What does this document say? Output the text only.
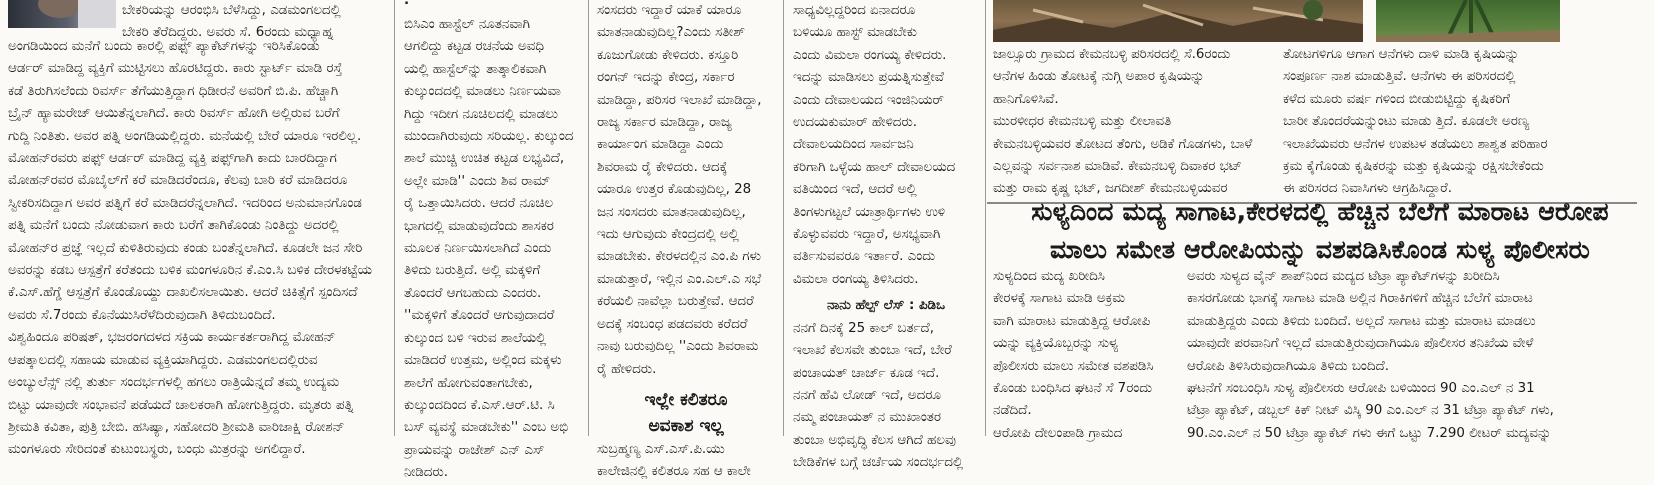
ಬೇಕರಿಯನ್ನು ಆರಂಭಿಸಿ ಬೆಳೆಸಿದ್ದು, ಎಡಮಂಗಲದಲ್ಲಿ

ಬೇಕರಿ ತೆರೆದಿದ್ದರು. ಅವರು ಸೆ. 6ರಂದು ಮಧ್ಯಾಹ್ನ

ಅಂಗಡಿಯಿಂದ ಮನೆಗೆ ಬಂದು ಕಾರಲ್ಲಿ ಪಫ್ಸ್ ಪ್ಯಾಕೆಟ್‌ಗಳನ್ನು ಇರಿಸಿಕೊಂಡು

ಆರ್ಡರ್ ಮಾಡಿದ್ದ ವ್ಯಕ್ತಿಗೆ ಮುಟ್ಟಿಸಲು ಹೊರಟಿದ್ದರು. ಕಾರು ಸ್ಟಾರ್ಟ್ ಮಾಡಿ ರಸ್ತೆ

ಕಡೆ ತಿರುಗಿಸಲೆಂದು ರಿವರ್ಸ್ ತೆಗೆಯುತ್ತಿದ್ದಾಗ ಧಿಡೀರನೆ ಅವರಿಗೆ ಬಿ.ಪಿ. ಹೆಚ್ಚಾಗಿ

ಬ್ರೈನ್ ಹ್ಯಾಮರೇಜ್ ಆಯಿತೆನ್ನಲಾಗಿದೆ. ಕಾರು ರಿವರ್ಸ್ ಹೋಗಿ ಅಲ್ಲಿರುವ ಬರೆಗೆ

ಗುದ್ದಿ ನಿಂತಿತು. ಅವರ ಪತ್ನಿ ಅಂಗಡಿಯಲ್ಲಿದ್ದರು. ಮನೆಯಲ್ಲಿ ಬೇರೆ ಯಾರೂ ಇರಲಿಲ್ಲ.

ಮೋಹನ್‌ರವರು ಪಫ್ಸ್ ಆರ್ಡರ್ ಮಾಡಿದ್ದ ವ್ಯಕ್ತಿ ಪಫ್ಸ್‌ಗಾಗಿ ಕಾದು ಬಾರದಿದ್ದಾಗ

ಮೋಹನ್‌ರವರ ಮೊಬೈಲ್‌ಗೆ ಕರೆ ಮಾಡಿದರೆಂದೂ, ಕೆಲವು ಬಾರಿ ಕರೆ ಮಾಡಿದರೂ

ಸ್ವೀಕರಿಸದಿದ್ದಾಗ ಅವರ ಪತ್ನಿಗೆ ಕರೆ ಮಾಡಿದರೆನ್ನಲಾಗಿದೆ. ಇದರಿಂದ ಅನುಮಾನಗೊಂಡ

ಪತ್ನಿ ಮನೆಗೆ ಬಂದು ನೋಡುವಾಗ ಕಾರು ಬರೆಗೆ ತಾಗಿಕೊಂಡು ನಿಂತಿದ್ದು ಅದರಲ್ಲಿ

ಮೋಹನ್‌ರ ಪ್ರಜ್ಞೆ ಇಲ್ಲದೆ ಕುಳಿತಿರುವುದು ಕಂಡು ಬಂತೆನ್ನಲಾಗಿದೆ. ಕೂಡಲೇ ಜನ ಸೇರಿ

ಅವರನ್ನು ಕಡಬ ಆಸ್ಪತ್ರೆಗೆ ಕರೆತಂದು ಬಳಿಕ ಮಂಗಳೂರಿನ ಕೆ.ಎಂ.ಸಿ ಬಳಿಕ ದೇರಳಕಟ್ಟೆಯ

ಕೆ.ಎಸ್.ಹೆಗ್ಡೆ ಆಸ್ಪತ್ರೆಗೆ ಕೊಂಡೊಯ್ದು ದಾಖಲಿಸಲಾಯಿತು. ಆದರೆ ಚಿಕಿತ್ಸೆಗೆ ಸ್ಪಂದಿಸದೆ

ಅವರು ಸೆ.7ರಂದು ಕೊನೆಯುಸಿರೆಳೆದಿರುವುದಾಗಿ ತಿಳಿದುಬಂದಿದೆ.

ವಿಶ್ವಹಿಂದೂ ಪರಿಷತ್, ಭಜರಂಗದಳದ ಸಕ್ರಿಯ ಕಾರ್ಯಕರ್ತರಾಗಿದ್ದ ಮೋಹನ್

ಆಪತ್ಕಾಲದಲ್ಲಿ ಸಹಾಯ ಮಾಡುವ ವ್ಯಕ್ತಿಯಾಗಿದ್ದರು. ಎಡಮಂಗಲದಲ್ಲಿರುವ

ಅಂಬ್ಯುಲೆನ್ಸ್ ನಲ್ಲಿ ತುರ್ತು ಸಂದರ್ಭಗಳಲ್ಲಿ ಹಗಲು ರಾತ್ರಿಯೆನ್ನದೆ ತಮ್ಮ ಉದ್ಯಮ

ಬಿಟ್ಟು ಯಾವುದೇ ಸಂಭಾವನೆ ಪಡೆಯದೆ ಚಾಲಕರಾಗಿ ಹೋಗುತ್ತಿದ್ದರು. ಮೃತರು ಪತ್ನಿ

ಶ್ರೀಮತಿ ಕವಿತಾ, ಪುತ್ರಿ ಬೇಬಿ. ಹಸಿಷ್ಯಾ, ಸಹೋದರಿ ಶ್ರೀಮತಿ ವಾರಿಜಾಕ್ಷಿ ರೋಶನ್

ಮಂಗಳೂರು ಸೇರಿದಂತೆ ಕುಟುಂಬಸ್ಥರು, ಬಂಧು ಮಿತ್ರರನ್ನು ಅಗಲಿದ್ದಾರೆ.

.

ಬಿಸಿಎಂ ಹಾಸ್ಟೆಲ್ ನೂತನವಾಗಿ

ಆಗಲಿದ್ದು ಕಟ್ಟಡ ರಚನೆಯ ಅವಧಿ

ಯಲ್ಲಿ ಹಾಸ್ಟೆಲ್‌ನ್ನು ತಾತ್ಕಾಲಿಕವಾಗಿ

ಕುಲ್ಕುಂದದಲ್ಲಿ ಮಾಡಲು ನಿರ್ಣಯವಾ

ಗಿದ್ದು ಇದೀಗ ನೂಚಿಲದಲ್ಲಿ ಮಾಡಲು

ಮುಂದಾಗಿರುವುದು ಸರಿಯಲ್ಲ. ಕುಲ್ಕುಂದ

ಶಾಲೆ ಮುಚ್ಚಿ ಉಚಿತ ಕಟ್ಟಡ ಲಭ್ಯವಿದೆ,

ಅಲ್ಲೇ ಮಾಡಿ'' ಎಂದು ಶಿವ ರಾಮ್

ರೈ ಒತ್ತಾಯಿಸಿದರು. ಆದರೆ ನೂಚಿಲ

ಭಾಗದಲ್ಲಿ ಮಾಡುವುದೆಂದು ಶಾಸಕರ

ಮೂಲಕ ನಿರ್ಣಯಿಸಲಾಗಿದೆ ಎಂದು

ತಿಳಿದು ಬರುತ್ತಿದೆ. ಅಲ್ಲಿ ಮಕ್ಕಳಿಗೆ

ತೊಂದರೆ ಆಗಬಹುದು ಎಂದರು.

''ಮಕ್ಕಳಿಗೆ ತೊಂದರೆ ಆಗುವುದಾದರೆ

ಕುಲ್ಕುಂದ ಬಳಿ ಇರುವ ಶಾಲೆಯಲ್ಲಿ

ಮಾಡಿದರೆ ಉತ್ತಮ, ಅಲ್ಲಿಂದ ಮಕ್ಕಳು

ಶಾಲೆಗೆ ಹೋಗುವಂತಾಗಬೇಕು,

ಕುಲ್ಕುಂದದಿಂದ ಕೆ.ಎಸ್.ಆರ್.ಟಿ. ಸಿ

ಬಸ್ ವ್ಯವಸ್ಥೆ ಮಾಡಬೇಕು'' ಎಂಬ ಅಭಿ

ಪ್ರಾಯವನ್ನು ರಾಜೇಶ್ ಎನ್ ಎಸ್

ನೀಡಿದರು.

ಸಂಸದರು ಇದ್ದಾರೆ ಯಾಕೆ ಯಾರೂ

ಮಾತನಾಡುವುದಿಲ್ಲ?ಎಂದು ಸತೀಶ್

ಕೂಜುಗೋಡು ಕೇಳಿದರು. ಕಸ್ತೂರಿ

ರಂಗನ್ ಇದನ್ನು ಕೇಂದ್ರ, ಸರ್ಕಾರ

ಮಾಡಿದ್ದಾ, ಪರಿಸರ ಇಲಾಖೆ ಮಾಡಿದ್ದಾ,

ರಾಜ್ಯ ಸರ್ಕಾರ ಮಾಡಿದ್ದಾ, ರಾಜ್ಯ

ಕಾರ್ಯಾಂಗ ಮಾಡಿದ್ದಾ ಎಂದು

ಶಿವರಾಮ ರೈ ಕೇಳಿದರು. ಆದಕ್ಕೆ

ಯಾರೂ ಉತ್ತರ ಕೊಡುವುದಿಲ್ಲ, 28

ಜನ ಸಂಸದರು ಮಾತನಾಡುವುದಿಲ್ಲ,

ಇದು ಆಗುವುದು ಕೇಂದ್ರದಲ್ಲಿ ಅಲ್ಲಿ

ಮಾಡಬೇಕು. ಕೇರಳದಲ್ಲಿನ ಎಂ.ಪಿ ಗಳು

ಮಾಡುತ್ತಾರೆ, ಇಲ್ಲಿನ ಎಂ.ಎಲ್.ಎ ಸಭೆ

ಕರೆಯಲಿ ನಾವೆಲ್ಲಾ ಬರುತ್ತೇವೆ. ಆದರೆ

ಅದಕ್ಕೆ ಸಂಬಂಧ ಪಡದವರು ಕರೆದರೆ

ನಾವು ಬರುವುದಿಲ್ಲ ''ಎಂದು ಶಿವರಾಮ

ರೈ ಹೇಳಿದರು.

ಇಲ್ಲೇ ಕಲಿತರೂ
ಅವಕಾಶ ಇಲ್ಲ

ಸುಬ್ರಹ್ಮಣ್ಯ ಎಸ್.ಎಸ್.ಪಿ.ಯು

ಕಾಲೇಜಿನಲ್ಲಿ ಕಲಿತರೂ ಸಹ ಆ ಕಾಲೇ

ಸಾಧ್ಯವಿಲ್ಲದ್ದರಿಂದ ಏನಾದರೂ

ಬಳಿಯೂ ಹಾಸ್ಟ್ ಮಾಡಬೇಕು

ಎಂದು ವಿಮಲಾ ರಂಗಯ್ಯ ಕೇಳಿದರು.

ಇದನ್ನು ಮಾಡಿಸಲು ಪ್ರಯತ್ನಿಸುತ್ತೇವೆ

ಎಂದು ದೇವಾಲಯದ ಇಂಜಿನಿಯರ್

ಉದಯಕುಮಾರ್ ಹೇಳಿದರು.

ದೇವಾಲಯದಿಂದ ಸಾರ್ವಜನಿ

ಕರಿಗಾಗಿ ಒಳ್ಳೆಯ ಹಾಲ್ ದೇವಾಲಯದ

ವತಿಯಿಂದ ಇದೆ, ಆದರೆ ಅಲ್ಲಿ

ತಿಂಗಳುಗಟ್ಟಲೆ ಯಾತ್ರಾರ್ಥಿಗಳು ಉಳಿ

ಕೊಳ್ಳುವವರು ಇದ್ದಾರೆ, ಅಸಭ್ಯವಾಗಿ

ವರ್ತಿಸುವವರೂ ಇರ್ತಾರೆ. ಎಂದು

ವಿಮಲಾ ರಂಗಯ್ಯ ತಿಳಿಸಿದರು.

ನಾನು ಹೆಲ್ಪ್ ಲೆಸ್ : ಪಿಡಿಒ

ನನಗೆ ದಿನಕ್ಕೆ 25 ಕಾಲ್ ಬರ್ತದೆ,

ಇಲಾಖೆ ಕೆಲಸವೇ ತುಂಬಾ ಇದೆ, ಬೇರೆ

ಪಂಚಾಯತ್ ಚಾರ್ಜ್ ಕೂಡ ಇದೆ.

ನನಗೆ ಹೆವಿ ಲೋಡ್ ಇದೆ, ಅದರೂ

ನಮ್ಮ ಪಂಚಾಯತ್ ನ ಮುಖಾಂತರ

ತುಂಬಾ ಅಭಿವೃದ್ಧಿ ಕೆಲಸ ಆಗಿದೆ ಹಲವು

ಬೇಡಿಕೆಗಳ ಬಗ್ಗೆ ಚರ್ಚೆಯ ಸಂದರ್ಭದಲ್ಲಿ

ಜಾಲ್ಸೂರು ಗ್ರಾಮದ ಕೇಮನಬಳ್ಳಿ ಪರಿಸರದಲ್ಲಿ ಸೆ.6ರಂದು

ಆನೆಗಳ ಹಿಂಡು ತೋಟಕ್ಕೆ ನುಗ್ಗಿ ಅಪಾರ ಕೃಷಿಯನ್ನು

ಹಾನಿಗೊಳಿಸಿವೆ.

ಮುರಳೀಧರ ಕೇಮನಬಳ್ಳಿ ಮತ್ತು ಲೀಲಾವತಿ

ಕೇಮನಬಳ್ಳಿಯವರ ತೋಟದ ತೆಂಗು, ಅಡಿಕೆ ಗೊಡಗಳು, ಬಾಳೆ

ಎಲ್ಲವನ್ನು ಸರ್ವನಾಶ ಮಾಡಿವೆ. ಕೇಮನಬಳ್ಳಿ ದಿವಾಕರ ಭಟ್

ಮತ್ತು ರಾಮ ಕೃಷ್ಣ ಭಟ್, ಜಗದೀಶ್ ಕೇಮನಬಳ್ಳಿಯವರ

ತೋಟಗಳಿಗೂ ಆಗಾಗ ಆನೆಗಳು ದಾಳಿ ಮಾಡಿ ಕೃಷಿಯನ್ನು

ಸಂಪೂರ್ಣ ನಾಶ ಮಾಡುತ್ತಿವೆ. ಆನೆಗಳು ಈ ಪರಿಸರದಲ್ಲಿ

ಕಳೆದ ಮೂರು ವರ್ಷ ಗಳಿಂದ ಬೀಡುಬಿಟ್ಟಿದ್ದು ಕೃಷಿಕರಿಗೆ

ಬಾರೀ ತೊಂದರೆಯನ್ನುಂಟು ಮಾಡು ತ್ತಿದೆ. ಕೂಡಲೇ ಅರಣ್ಯ

ಇಲಾಖೆಯವರು ಆನೆಗಳ ಉಪಟಳ ತಡೆಯಲು ಶಾಶ್ವತ ಪರಿಹಾರ

ಕ್ರಮ ಕೈಗೊಂಡು ಕೃಷಿಕರನ್ನು ಮತ್ತು ಕೃಷಿಯನ್ನು ರಕ್ಷಿಸಬೇಕೆಂದು

ಈ ಪರಿಸರದ ನಿವಾಸಿಗಳು ಆಗ್ರಹಿಸಿದ್ದಾರೆ.

ಸುಳ್ಯದಿಂದ ಮದ್ಯ ಸಾಗಾಟ,ಕೇರಳದಲ್ಲಿ ಹೆಚ್ಚಿನ ಬೆಲೆಗೆ ಮಾರಾಟ ಆರೋಪ
ಮಾಲು ಸಮೇತ ಆರೋಪಿಯನ್ನು ವಶಪಡಿಸಿಕೊಂಡ ಸುಳ್ಯ ಪೊಲೀಸರು

ಸುಳ್ಯದಿಂದ ಮದ್ಯ ಖರೀದಿಸಿ

ಕೇರಳಕ್ಕೆ ಸಾಗಾಟ ಮಾಡಿ ಅಕ್ರಮ

ವಾಗಿ ಮಾರಾಟ ಮಾಡುತ್ತಿದ್ದ ಆರೋಪಿ

ಯನ್ನು ವ್ಯಕ್ತಿಯೊಬ್ಬರನ್ನು ಸುಳ್ಯ

ಪೊಲೀಸರು ಮಾಲು ಸಮೇತ ವಶಪಡಿಸಿ

ಕೊಂಡು ಬಂಧಿಸಿದ ಘಟನೆ ಸೆ 7ರಂದು

ನಡೆದಿದೆ.

ಆರೋಪಿ ದೇಲಂಪಾಡಿ ಗ್ರಾಮದ

ಅವರು ಸುಳ್ಯದ ವೈನ್ ಶಾಪ್‌ನಿಂದ ಮದ್ಯದ ಟೆಟ್ರಾ ಪ್ಯಾಕೆಟ್‌ಗಳನ್ನು ಖರೀದಿಸಿ

ಕಾಸರಗೋಡು ಭಾಗಕ್ಕೆ ಸಾಗಾಟ ಮಾಡಿ ಅಲ್ಲಿನ ಗಿರಾಕಿಗಳಿಗೆ ಹೆಚ್ಚಿನ ಬೆಲೆಗೆ ಮಾರಾಟ

ಮಾಡುತ್ತಿದ್ದರು ಎಂದು ತಿಳಿದು ಬಂದಿದೆ. ಅಲ್ಲದೆ ಸಾಗಾಟ ಮತ್ತು ಮಾರಾಟ ಮಾಡಲು

ಯಾವುದೇ ಪರವಾನಿಗೆ ಇಲ್ಲದೆ ಮಾಡುತ್ತಿರುವುದಾಗಿಯೂ ಪೊಲೀಸರ ತನಿಖೆಯ ವೇಳೆ

ಆರೋಪಿ ತಿಳಿಸಿರುವುದಾಗಿಯೂ ತಿಳಿದು ಬಂದಿದೆ.

ಘಟನೆಗೆ ಸಂಬಂಧಿಸಿ ಸುಳ್ಯ ಪೊಲೀಸರು ಆರೋಪಿ ಬಳಿಯಿಂದ 90 ಎಂ.ಎಲ್ ನ 31

ಟೆಟ್ರಾ ಪ್ಯಾಕೆಟ್, ಡಬ್ಬಲ್ ಕಿಕ್ ನೀಟ್ ವಿಸ್ಕಿ 90 ಎಂ.ಎಲ್ ನ 31 ಟೆಟ್ರಾ ಪ್ಯಾಕೆಟ್ ಗಳು,

90.ಎಂ.ಎಲ್ ನ 50 ಟೆಟ್ರಾ ಪ್ಯಾಕೆಟ್ ಗಳು ಈಗೆ ಒಟ್ಟು 7.290 ಲೀಟರ್ ಮದ್ಯವನ್ನು
